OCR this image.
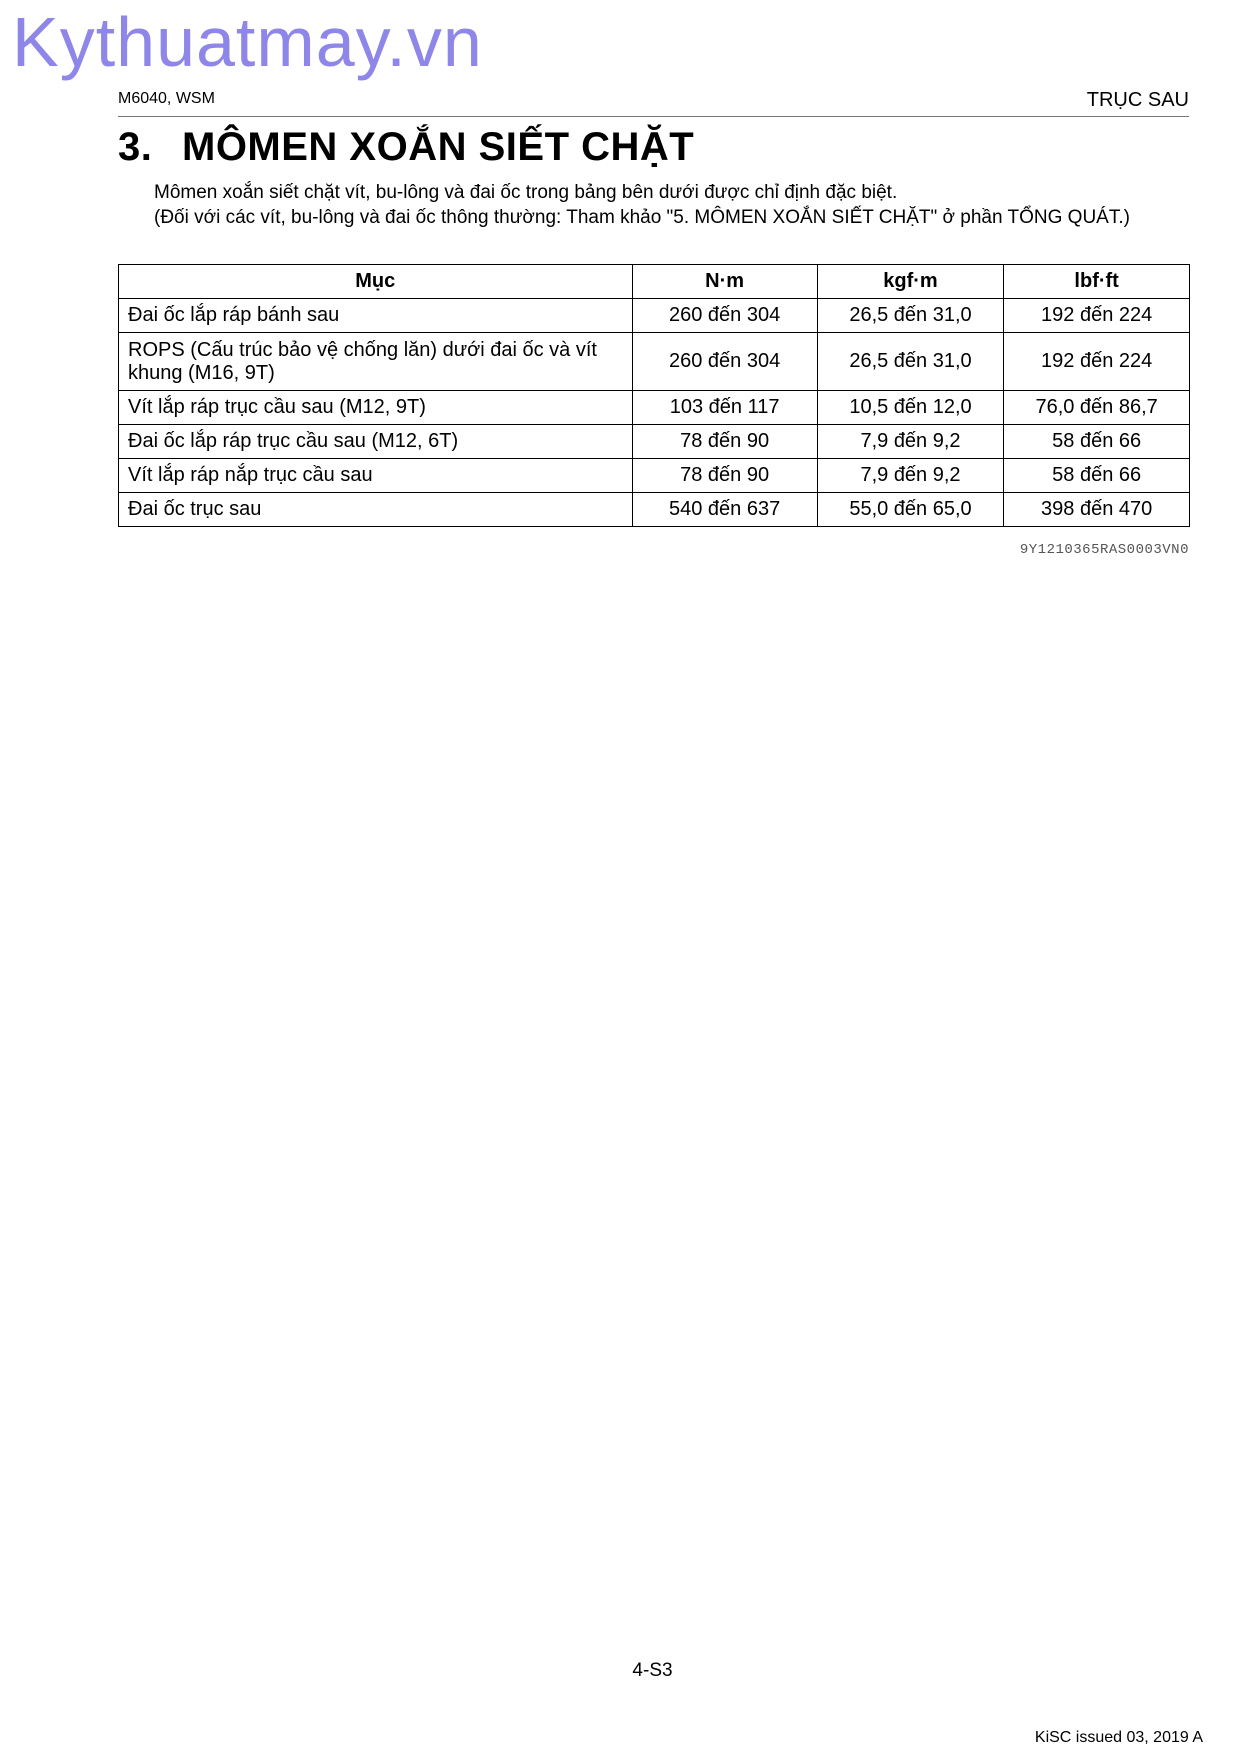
Kythuatmay.vn
M6040, WSM	TRỤC SAU
3. MÔMEN XOẮN SIẾT CHẶT

Mômen xoắn siết chặt vít, bu-lông và đai ốc trong bảng bên dưới được chỉ định đặc biệt.

(Đối với các vít, bu-lông và đai ốc thông thường: Tham khảo "5. MÔMEN XOẮN SIẾT CHẶT" ở phần TỔNG QUÁT.)

Mục	N·m	kgf·m	lbf·ft
Đai ốc lắp ráp bánh sau	260 đến 304	26,5 đến 31,0	192 đến 224
ROPS (Cấu trúc bảo vệ chống lăn) dưới đai ốc và vít khung (M16, 9T)	260 đến 304	26,5 đến 31,0	192 đến 224
Vít lắp ráp trục cầu sau (M12, 9T)	103 đến 117	10,5 đến 12,0	76,0 đến 86,7
Đai ốc lắp ráp trục cầu sau (M12, 6T)	78 đến 90	7,9 đến 9,2	58 đến 66
Vít lắp ráp nắp trục cầu sau	78 đến 90	7,9 đến 9,2	58 đến 66
Đai ốc trục sau	540 đến 637	55,0 đến 65,0	398 đến 470
9Y1210365RAS0003VN0
4-S3
KiSC issued 03, 2019 A
